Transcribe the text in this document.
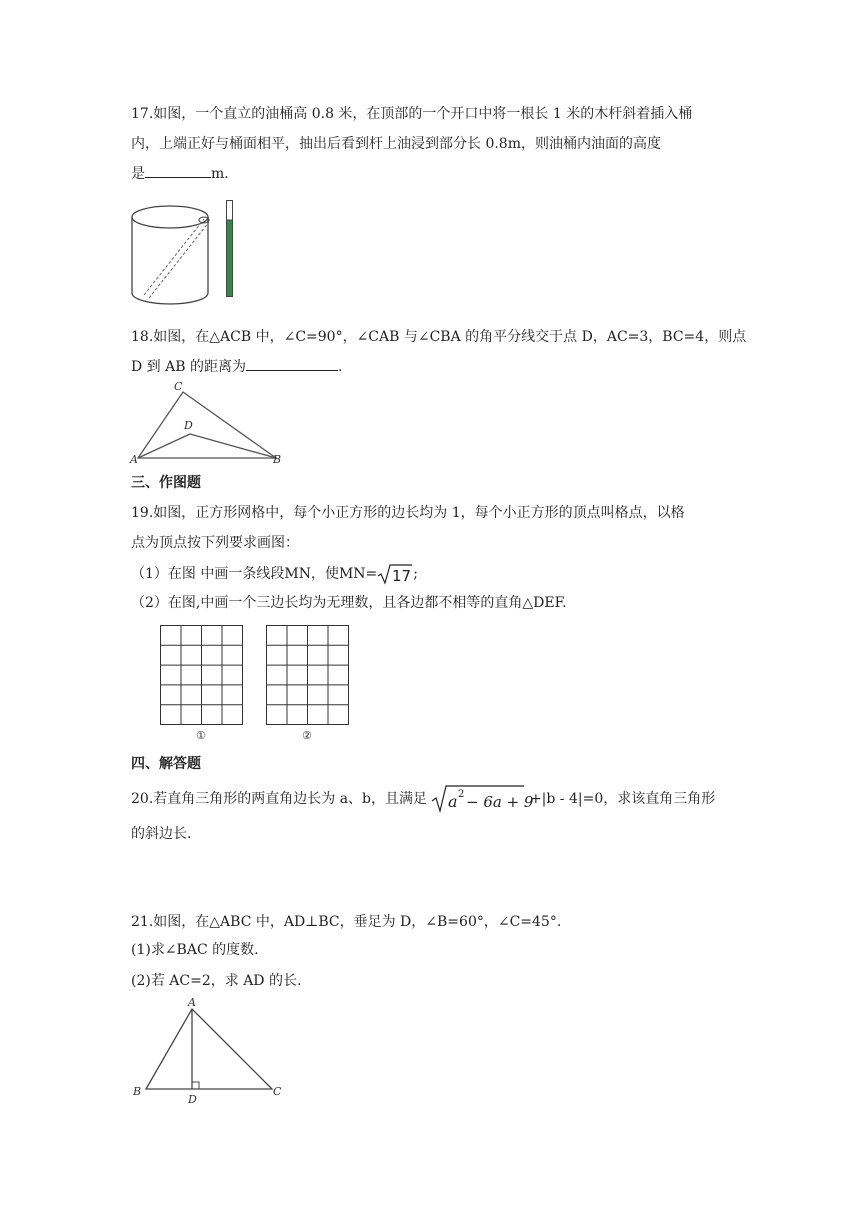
17.如图，一个直立的油桶高 0.8 米，在顶部的一个开口中将一根长 1 米的木杆斜着插入桶
内，上端正好与桶面相平，抽出后看到杆上油浸到部分长 0.8m，则油桶内油面的高度
是	m.
18.如图，在△ACB 中，∠C=90°，∠CAB 与∠CBA 的角平分线交于点 D，AC=3，BC=4，则点
D 到 AB 的距离为	.
C
D
A	B
三、作图题
19.如图，正方形网格中，每个小正方形的边长均为 1，每个小正方形的顶点叫格点，以格
点为顶点按下列要求画图：
（1）在图 中画一条线段MN，使MN= 17 ;
（2）在图,中画一个三边长均为无理数，且各边都不相等的直角△DEF.
①	②
四、解答题
20.若直角三角形的两直角边长为 a、b，且满足 a 2 − 6a + 9
+|b - 4|=0，求该直角三角形
的斜边长.
21.如图，在△ABC 中，AD⊥BC，垂足为 D，∠B=60°，∠C=45°.
(1)求∠BAC 的度数.
(2)若 AC=2，求 AD 的长.
A
B
D
C
